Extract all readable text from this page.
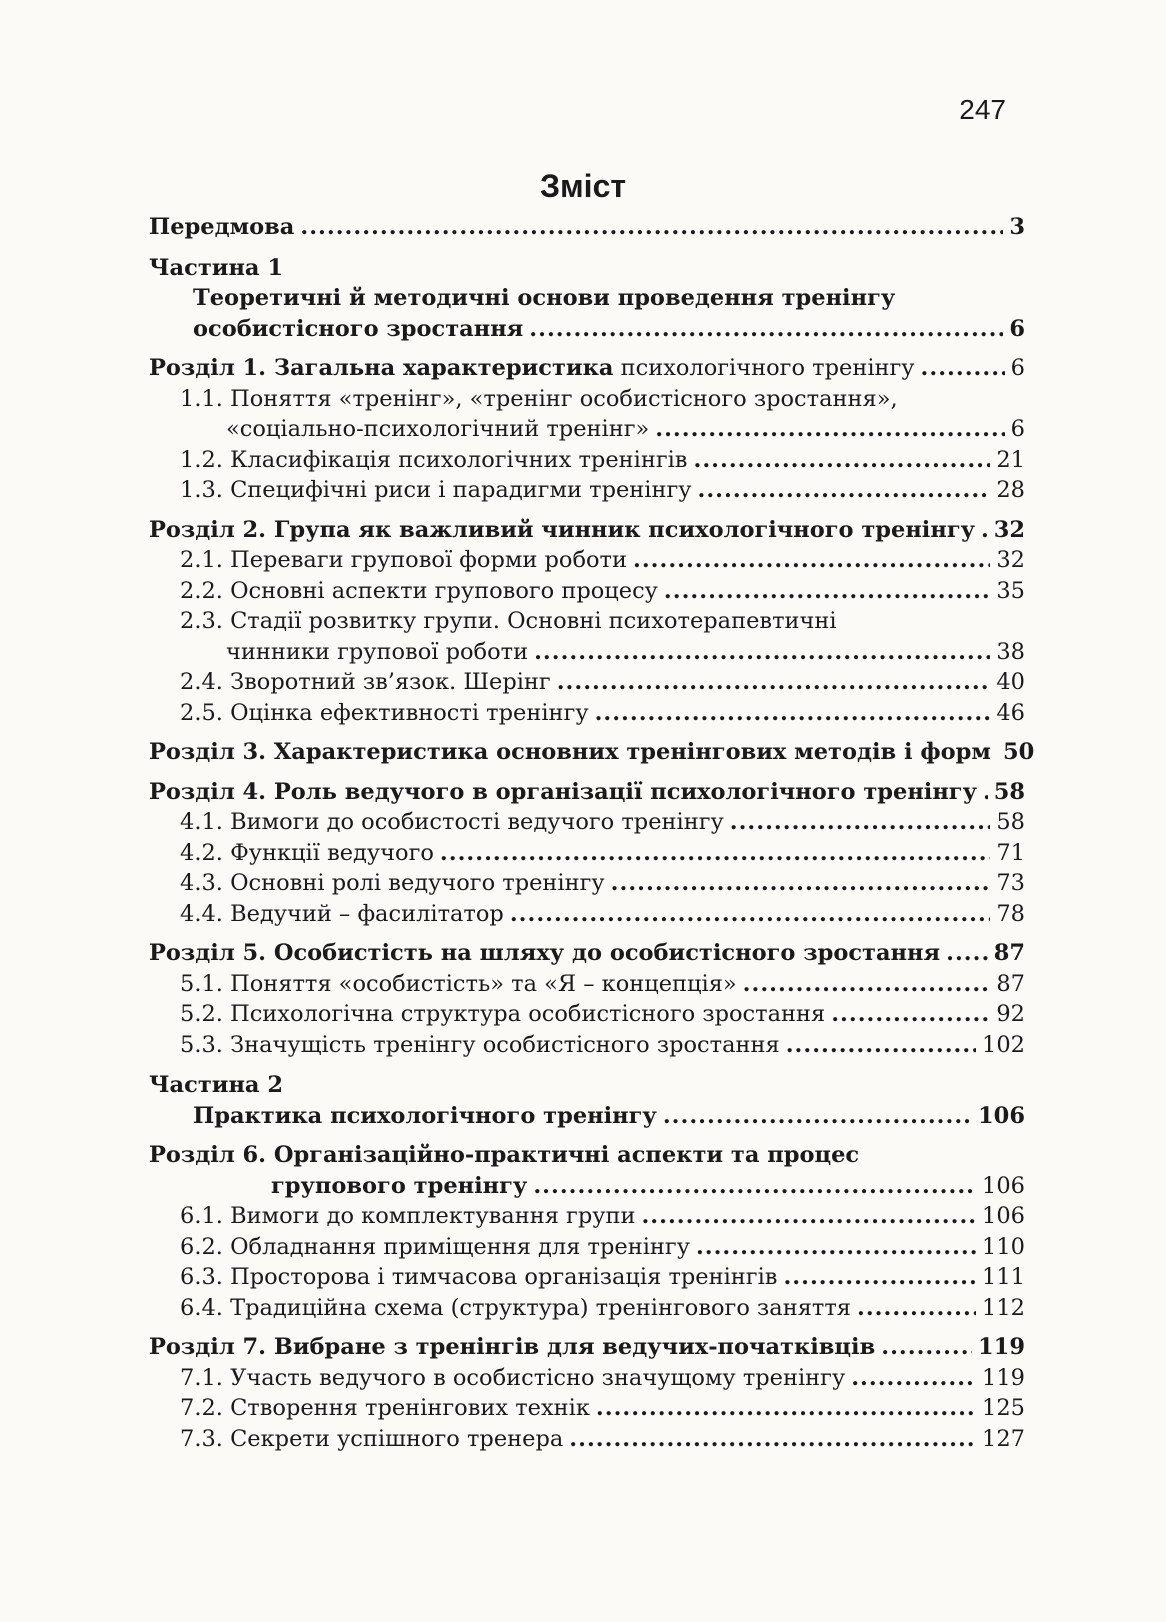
247
Зміст
Передмова .....	3
Частина 1
Теоретичні й методичні основи проведення тренінгу
особистісного зростання .....	6
Розділ 1. Загальна характеристика
психологічного тренінгу .....	6
1.1. Поняття «тренінг», «тренінг особистісного зростання»,
«соціально-психологічний тренінг» .....	6
1.2. Класифікація психологічних тренінгів .....	21
1.3. Специфічні риси і парадигми тренінгу .....	28
Розділ 2. Група як важливий чинник психологічного тренінгу ..... 32
2.1. Переваги групової форми роботи .....	32
2.2. Основні аспекти групового процесу .....	35
2.3. Стадії розвитку групи. Основні психотерапевтичні
чинники групової роботи .....	38
2.4. Зворотний зв’язок. Шерінг .....	40
2.5. Оцінка ефективності тренінгу .....	46
Розділ 3. Характеристика основних тренінгових методів і форм 50
Розділ 4. Роль ведучого в організації психологічного тренінгу ..... 58
4.1. Вимоги до особистості ведучого тренінгу .....	58
4.2. Функції ведучого .....	71
4.3. Основні ролі ведучого тренінгу .....	73
4.4. Ведучий – фасилітатор .....	78
Розділ 5. Особистість на шляху до особистісного зростання ..... 87
5.1. Поняття «особистість» та «Я – концепція» .....	87
5.2. Психологічна структура особистісного зростання .....	92
5.3. Значущість тренінгу особистісного зростання .....	102
Частина 2
Практика психологічного тренінгу .....	106
Розділ 6. Організаційно-практичні аспекти та процес
групового тренінгу .....	106
6.1. Вимоги до комплектування групи .....	106
6.2. Обладнання приміщення для тренінгу .....	110
6.3. Просторова і тимчасова організація тренінгів .....	111
6.4. Традиційна схема (структура) тренінгового заняття .....	112
Розділ 7. Вибране з тренінгів для ведучих-початківців .....	119
7.1. Участь ведучого в особистісно значущому тренінгу .....	119
7.2. Створення тренінгових технік .....	125
7.3. Секрети успішного тренера .....	127
